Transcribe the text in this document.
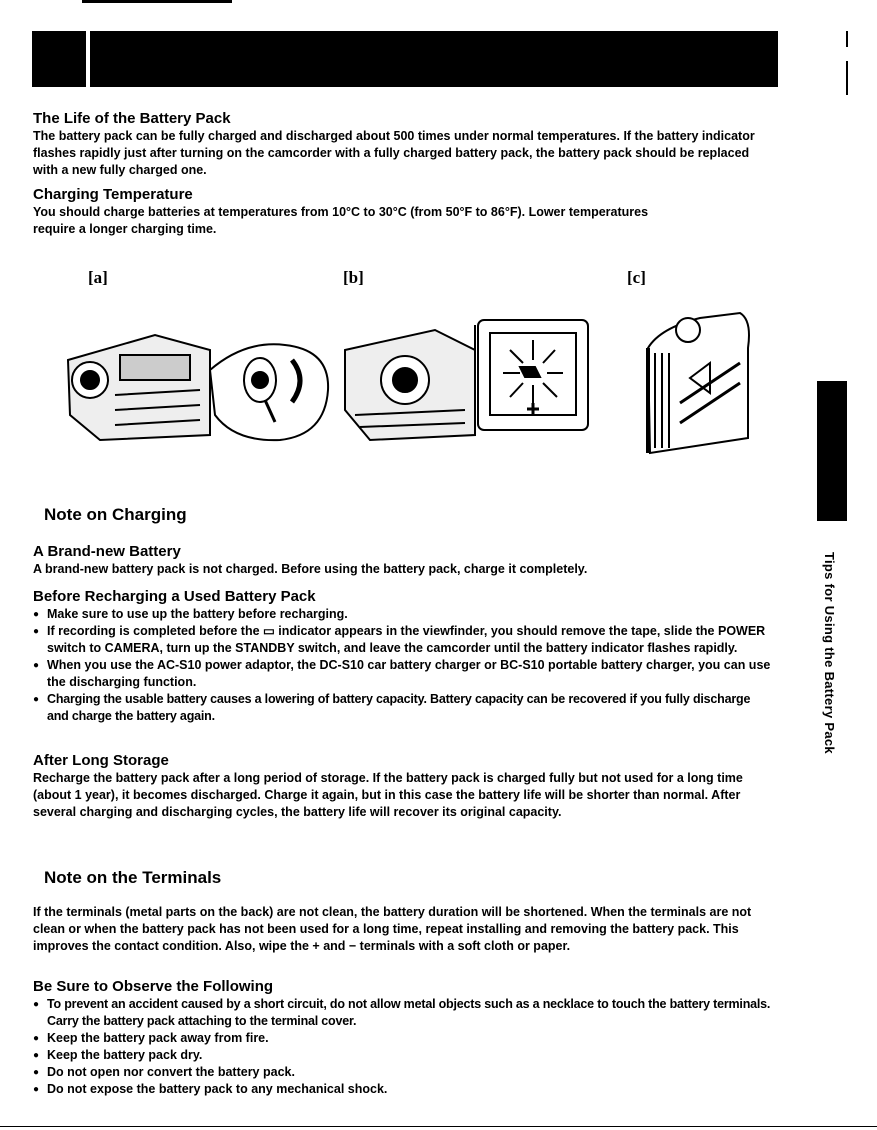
The Life of the Battery Pack

The battery pack can be fully charged and discharged about 500 times under normal temperatures. If the battery indicator flashes rapidly just after turning on the camcorder with a fully charged battery pack, the battery pack should be replaced with a new fully charged one.

Charging Temperature

You should charge batteries at temperatures from 10°C to 30°C (from 50°F to 86°F). Lower temperatures require a longer charging time.

[a]	[b]	[c]
Tips for Using the Battery Pack
Note on Charging
A Brand-new Battery

A brand-new battery pack is not charged. Before using the battery pack, charge it completely.

Before Recharging a Used Battery Pack
● Make sure to use up the battery before recharging.
● If recording is completed before the ▭ indicator appears in the viewfinder, you should remove the tape, slide the POWER switch to CAMERA, turn up the STANDBY switch, and leave the camcorder until the battery indicator flashes rapidly.
● When you use the AC-S10 power adaptor, the DC-S10 car battery charger or BC-S10 portable battery charger, you can use the discharging function.
● Charging the usable battery causes a lowering of battery capacity. Battery capacity can be recovered if you fully discharge and charge the battery again.
After Long Storage

Recharge the battery pack after a long period of storage. If the battery pack is charged fully but not used for a long time (about 1 year), it becomes discharged. Charge it again, but in this case the battery life will be shorter than normal. After several charging and discharging cycles, the battery life will recover its original capacity.

Note on the Terminals

If the terminals (metal parts on the back) are not clean, the battery duration will be shortened. When the terminals are not clean or when the battery pack has not been used for a long time, repeat installing and removing the battery pack. This improves the contact condition. Also, wipe the + and − terminals with a soft cloth or paper.

Be Sure to Observe the Following
● To prevent an accident caused by a short circuit, do not allow metal objects such as a necklace to touch the battery terminals. Carry the battery pack attaching to the terminal cover.
● Keep the battery pack away from fire.
● Keep the battery pack dry.
● Do not open nor convert the battery pack.
● Do not expose the battery pack to any mechanical shock.
